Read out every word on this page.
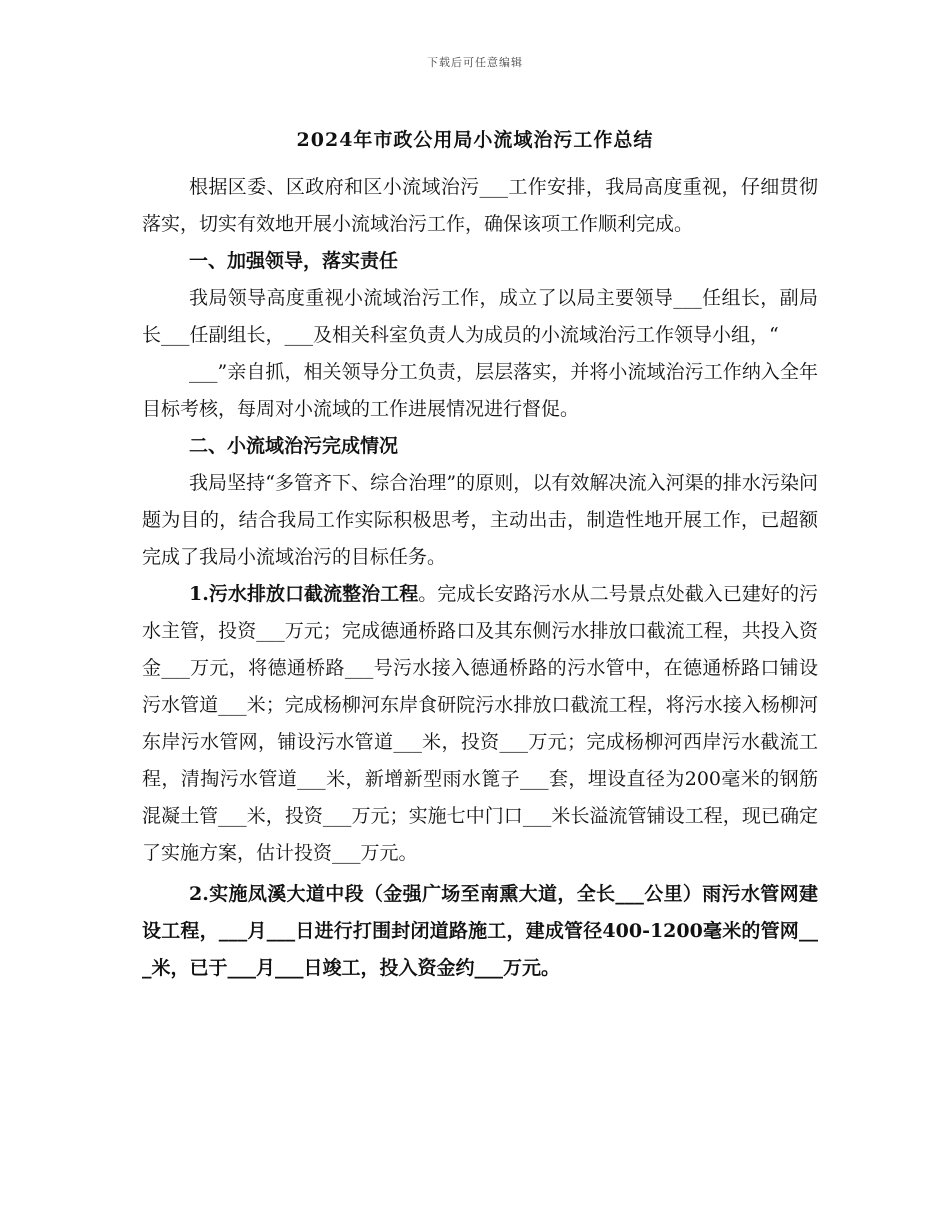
下载后可任意编辑
2024年市政公用局小流域治污工作总结

根据区委、区政府和区小流域治污___工作安排，我局高度重视，仔细贯彻落实，切实有效地开展小流域治污工作，确保该项工作顺利完成。

一、加强领导，落实责任

我局领导高度重视小流域治污工作，成立了以局主要领导___任组长，副局长___任副组长，___及相关科室负责人为成员的小流域治污工作领导小组，“

___”亲自抓，相关领导分工负责，层层落实，并将小流域治污工作纳入全年目标考核，每周对小流域的工作进展情况进行督促。

二、小流域治污完成情况

我局坚持“多管齐下、综合治理”的原则，以有效解决流入河渠的排水污染问题为目的，结合我局工作实际积极思考，主动出击，制造性地开展工作，已超额完成了我局小流域治污的目标任务。

1.污水排放口截流整治工程。完成长安路污水从二号景点处截入已建好的污水主管，投资___万元；完成德通桥路口及其东侧污水排放口截流工程，共投入资金___万元，将德通桥路___号污水接入德通桥路的污水管中，在德通桥路口铺设污水管道___米；完成杨柳河东岸食研院污水排放口截流工程，将污水接入杨柳河东岸污水管网，铺设污水管道___米，投资___万元；完成杨柳河西岸污水截流工程，清掏污水管道___米，新增新型雨水篦子___套，埋设直径为200毫米的钢筋混凝土管___米，投资___万元；实施七中门口___米长溢流管铺设工程，现已确定了实施方案，估计投资___万元。

2.实施凤溪大道中段（金强广场至南熏大道，全长___公里）雨污水管网建设工程，___月___日进行打围封闭道路施工，建成管径400-1200毫米的管网___米，已于___月___日竣工，投入资金约___万元。
